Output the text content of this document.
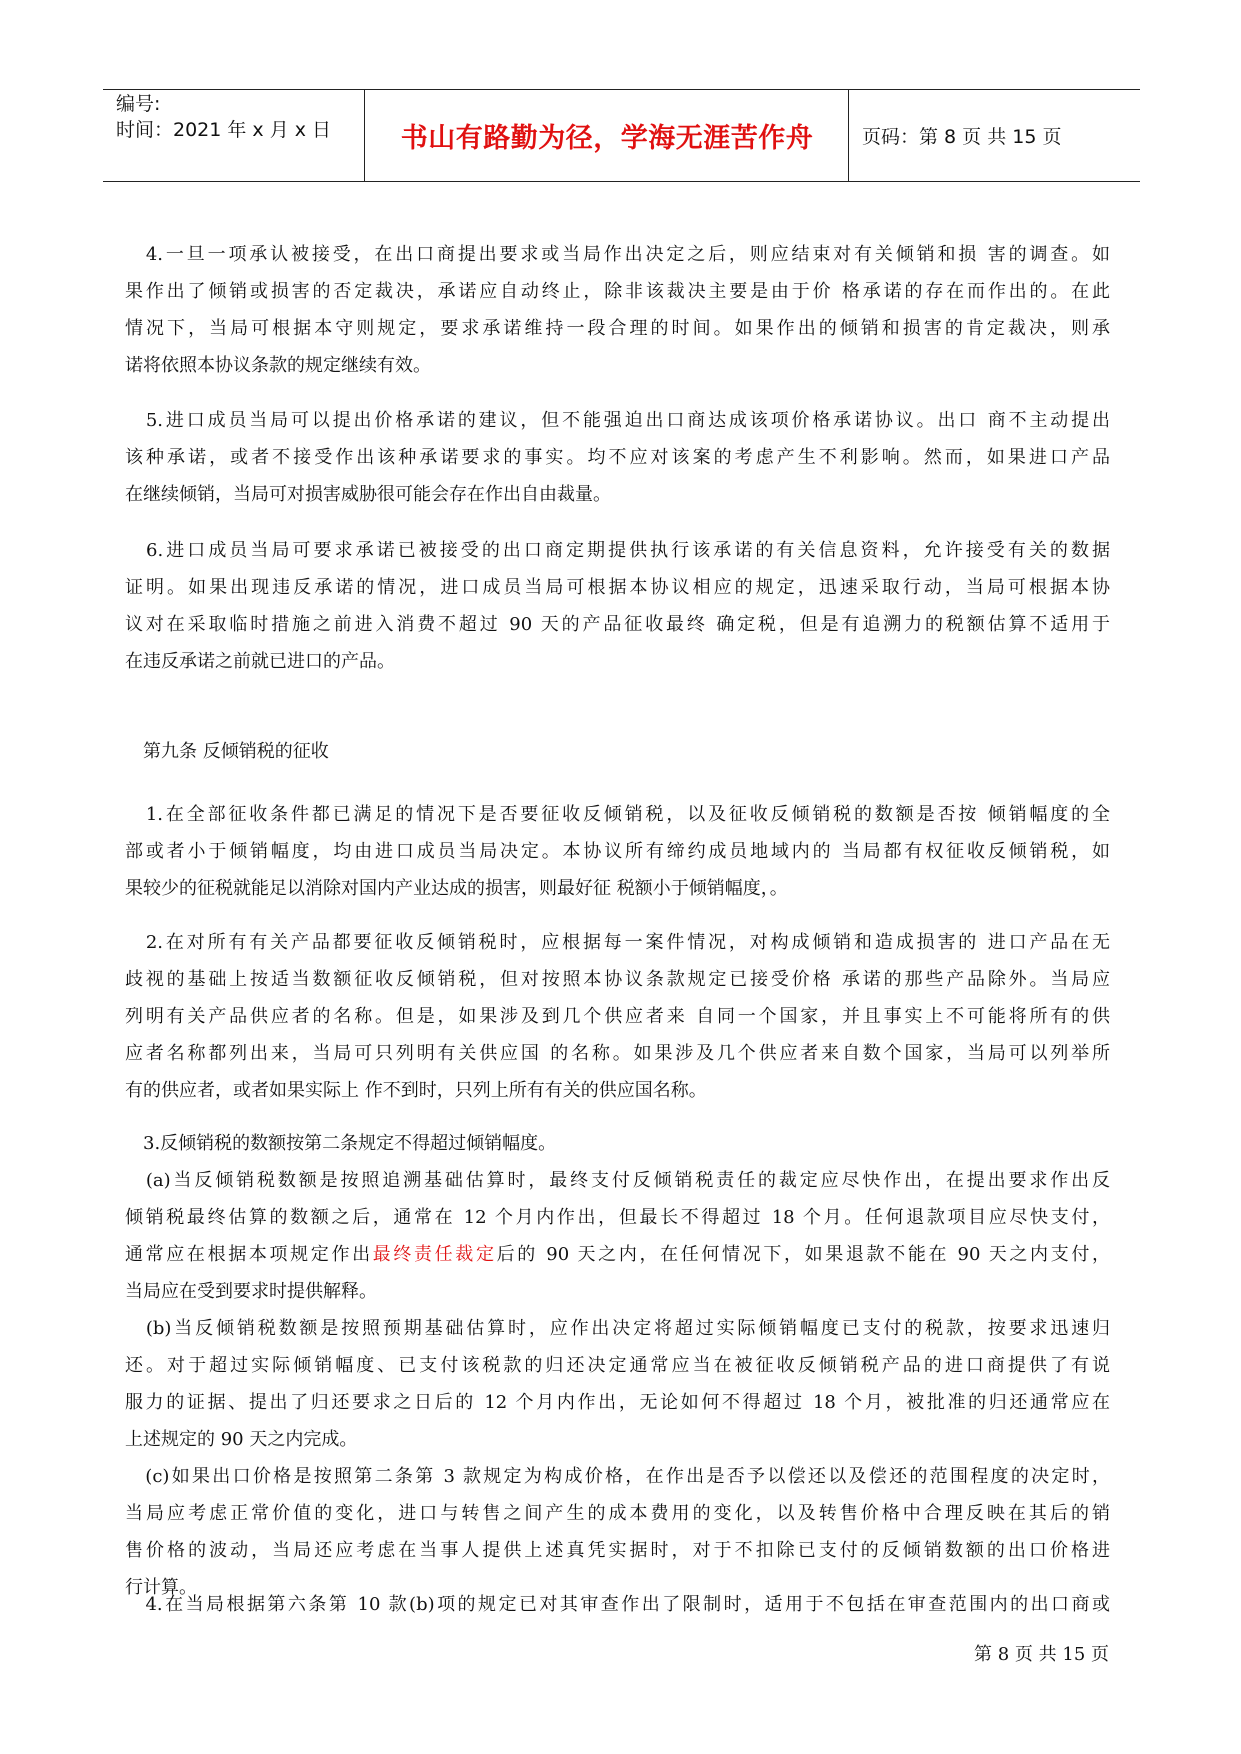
编号:
时间：2021 年 x 月 x 日	书山有路勤为径，学海无涯苦作舟	页码：第 8 页 共 15 页
　4.一旦一项承认被接受，在出口商提出要求或当局作出决定之后，则应结束对有关倾销和损 害的调查。如
果作出了倾销或损害的否定裁决，承诺应自动终止，除非该裁决主要是由于价 格承诺的存在而作出的。在此
情况下，当局可根据本守则规定，要求承诺维持一段合理的时间。如果作出的倾销和损害的肯定裁决，则承
诺将依照本协议条款的规定继续有效。
　5.进口成员当局可以提出价格承诺的建议，但不能强迫出口商达成该项价格承诺协议。出口 商不主动提出
该种承诺，或者不接受作出该种承诺要求的事实。均不应对该案的考虑产生不利影响。然而，如果进口产品
在继续倾销，当局可对损害威胁很可能会存在作出自由裁量。
　6.进口成员当局可要求承诺已被接受的出口商定期提供执行该承诺的有关信息资料，允许接受有关的数据
证明。如果出现违反承诺的情况，进口成员当局可根据本协议相应的规定，迅速采取行动，当局可根据本协
议对在采取临时措施之前进入消费不超过 90 天的产品征收最终 确定税，但是有追溯力的税额估算不适用于
在违反承诺之前就已进口的产品。
　第九条 反倾销税的征收
　1.在全部征收条件都已满足的情况下是否要征收反倾销税，以及征收反倾销税的数额是否按 倾销幅度的全
部或者小于倾销幅度，均由进口成员当局决定。本协议所有缔约成员地域内的 当局都有权征收反倾销税，如
果较少的征税就能足以消除对国内产业达成的损害，则最好征 税额小于倾销幅度，。
　2.在对所有有关产品都要征收反倾销税时，应根据每一案件情况，对构成倾销和造成损害的 进口产品在无
歧视的基础上按适当数额征收反倾销税，但对按照本协议条款规定已接受价格 承诺的那些产品除外。当局应
列明有关产品供应者的名称。但是，如果涉及到几个供应者来 自同一个国家，并且事实上不可能将所有的供
应者名称都列出来，当局可只列明有关供应国 的名称。如果涉及几个供应者来自数个国家，当局可以列举所
有的供应者，或者如果实际上 作不到时，只列上所有有关的供应国名称。
　3.反倾销税的数额按第二条规定不得超过倾销幅度。
　(a)当反倾销税数额是按照追溯基础估算时，最终支付反倾销税责任的裁定应尽快作出，在提出要求作出反
倾销税最终估算的数额之后，通常在 12 个月内作出，但最长不得超过 18 个月。任何退款项目应尽快支付，
通常应在根据本项规定作出最终责任裁定后的 90 天之内，在任何情况下，如果退款不能在 90 天之内支付，
当局应在受到要求时提供解释。
　(b)当反倾销税数额是按照预期基础估算时，应作出决定将超过实际倾销幅度已支付的税款，按要求迅速归
还。对于超过实际倾销幅度、已支付该税款的归还决定通常应当在被征收反倾销税产品的进口商提供了有说
服力的证据、提出了归还要求之日后的 12 个月内作出，无论如何不得超过 18 个月，被批准的归还通常应在
上述规定的 90 天之内完成。
　(c)如果出口价格是按照第二条第 3 款规定为构成价格，在作出是否予以偿还以及偿还的范围程度的决定时，
当局应考虑正常价值的变化，进口与转售之间产生的成本费用的变化，以及转售价格中合理反映在其后的销
售价格的波动，当局还应考虑在当事人提供上述真凭实据时，对于不扣除已支付的反倾销数额的出口价格进
行计算。
　4.在当局根据第六条第 10 款(b)项的规定已对其审查作出了限制时，适用于不包括在审查范围内的出口商或
第 8 页 共 15 页
